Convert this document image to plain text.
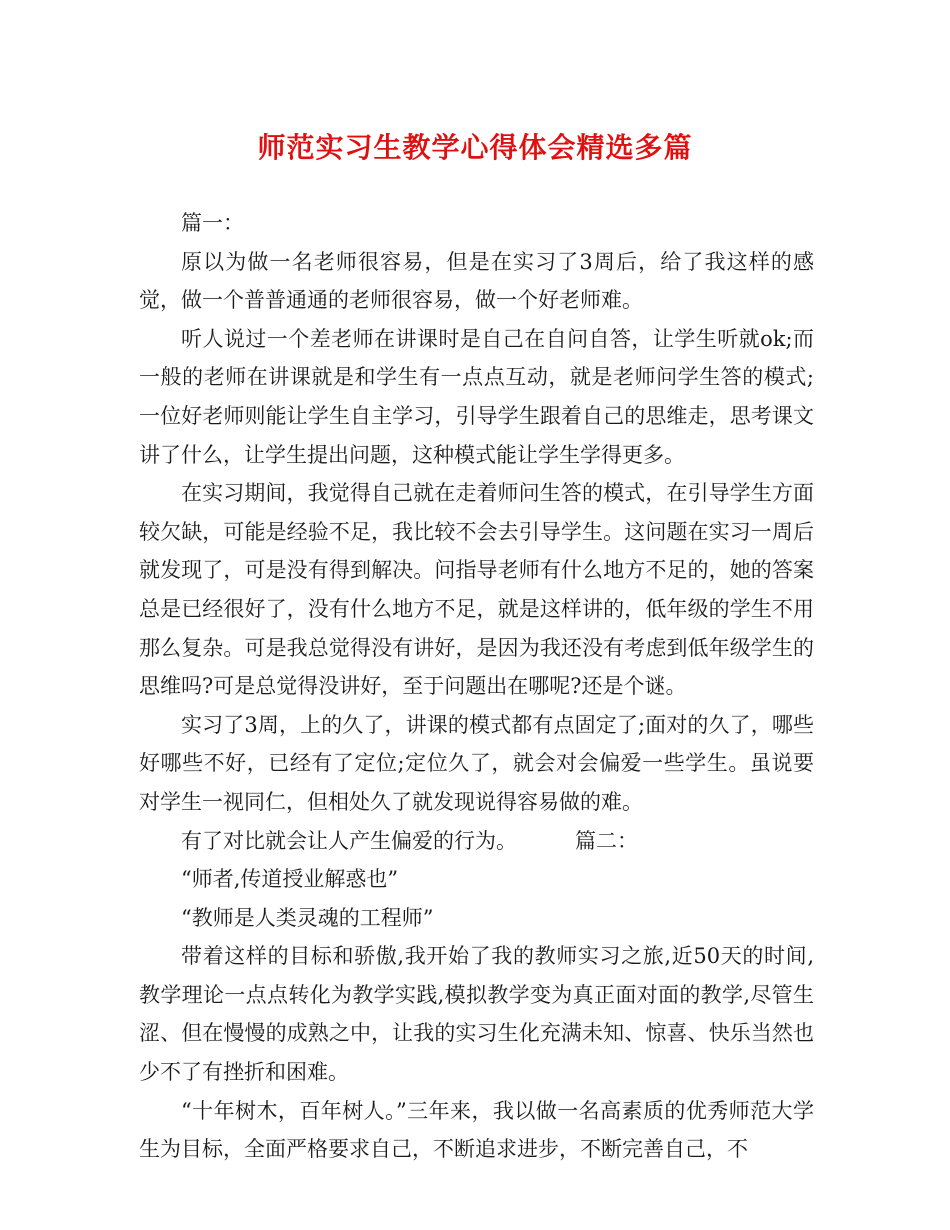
师范实习生教学心得体会精选多篇

篇一：

原以为做一名老师很容易，但是在实习了3周后，给了我这样的感觉，做一个普普通通的老师很容易，做一个好老师难。

听人说过一个差老师在讲课时是自己在自问自答，让学生听就ok;而一般的老师在讲课就是和学生有一点点互动，就是老师问学生答的模式;一位好老师则能让学生自主学习，引导学生跟着自己的思维走，思考课文讲了什么，让学生提出问题，这种模式能让学生学得更多。

在实习期间，我觉得自己就在走着师问生答的模式，在引导学生方面较欠缺，可能是经验不足，我比较不会去引导学生。这问题在实习一周后就发现了，可是没有得到解决。问指导老师有什么地方不足的，她的答案总是已经很好了，没有什么地方不足，就是这样讲的，低年级的学生不用那么复杂。可是我总觉得没有讲好，是因为我还没有考虑到低年级学生的思维吗?可是总觉得没讲好，至于问题出在哪呢?还是个谜。

实习了3周，上的久了，讲课的模式都有点固定了;面对的久了，哪些好哪些不好，已经有了定位;定位久了，就会对会偏爱一些学生。虽说要对学生一视同仁，但相处久了就发现说得容易做的难。

有了对比就会让人产生偏爱的行为。	篇二：

“师者,传道授业解惑也”

“教师是人类灵魂的工程师”

带着这样的目标和骄傲,我开始了我的教师实习之旅,近50天的时间,教学理论一点点转化为教学实践,模拟教学变为真正面对面的教学,尽管生涩、但在慢慢的成熟之中，让我的实习生化充满未知、惊喜、快乐当然也少不了有挫折和困难。

“十年树木，百年树人。”三年来，我以做一名高素质的优秀师范大学生为目标，全面严格要求自己，不断追求进步，不断完善自己，不
